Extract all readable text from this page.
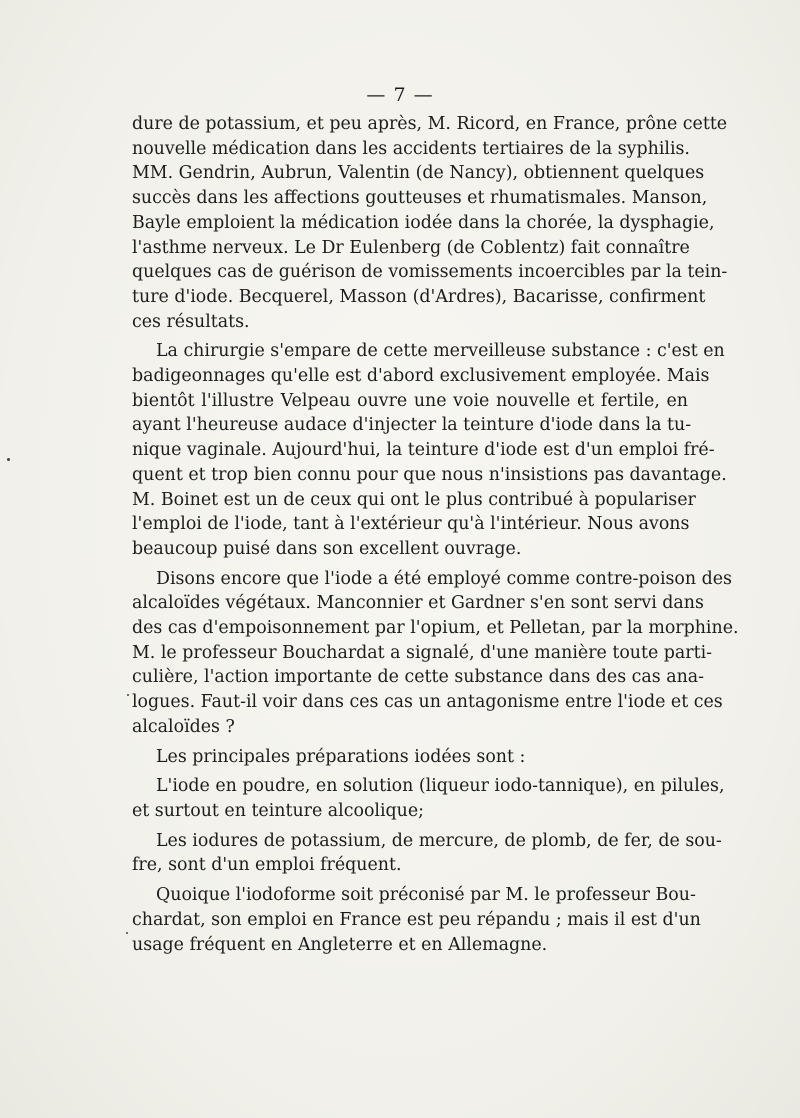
— 7 —
dure de potassium, et peu après, M. Ricord, en France, prône cette
nouvelle médication dans les accidents tertiaires de la syphilis.
MM. Gendrin, Aubrun, Valentin (de Nancy), obtiennent quelques
succès dans les affections goutteuses et rhumatismales. Manson,
Bayle emploient la médication iodée dans la chorée, la dysphagie,
l'asthme nerveux. Le Dr Eulenberg (de Coblentz) fait connaître
quelques cas de guérison de vomissements incoercibles par la tein-
ture d'iode. Becquerel, Masson (d'Ardres), Bacarisse, confirment
ces résultats.
La chirurgie s'empare de cette merveilleuse substance : c'est en
badigeonnages qu'elle est d'abord exclusivement employée. Mais
bientôt l'illustre Velpeau ouvre une voie nouvelle et fertile, en
ayant l'heureuse audace d'injecter la teinture d'iode dans la tu-
nique vaginale. Aujourd'hui, la teinture d'iode est d'un emploi fré-
quent et trop bien connu pour que nous n'insistions pas davantage.
M. Boinet est un de ceux qui ont le plus contribué à populariser
l'emploi de l'iode, tant à l'extérieur qu'à l'intérieur. Nous avons
beaucoup puisé dans son excellent ouvrage.
Disons encore que l'iode a été employé comme contre-poison des
alcaloïdes végétaux. Manconnier et Gardner s'en sont servi dans
des cas d'empoisonnement par l'opium, et Pelletan, par la morphine.
M. le professeur Bouchardat a signalé, d'une manière toute parti-
culière, l'action importante de cette substance dans des cas ana-
logues. Faut-il voir dans ces cas un antagonisme entre l'iode et ces
alcaloïdes ?
Les principales préparations iodées sont :
L'iode en poudre, en solution (liqueur iodo-tannique), en pilules,
et surtout en teinture alcoolique;
Les iodures de potassium, de mercure, de plomb, de fer, de sou-
fre, sont d'un emploi fréquent.
Quoique l'iodoforme soit préconisé par M. le professeur Bou-
chardat, son emploi en France est peu répandu ; mais il est d'un
usage fréquent en Angleterre et en Allemagne.
